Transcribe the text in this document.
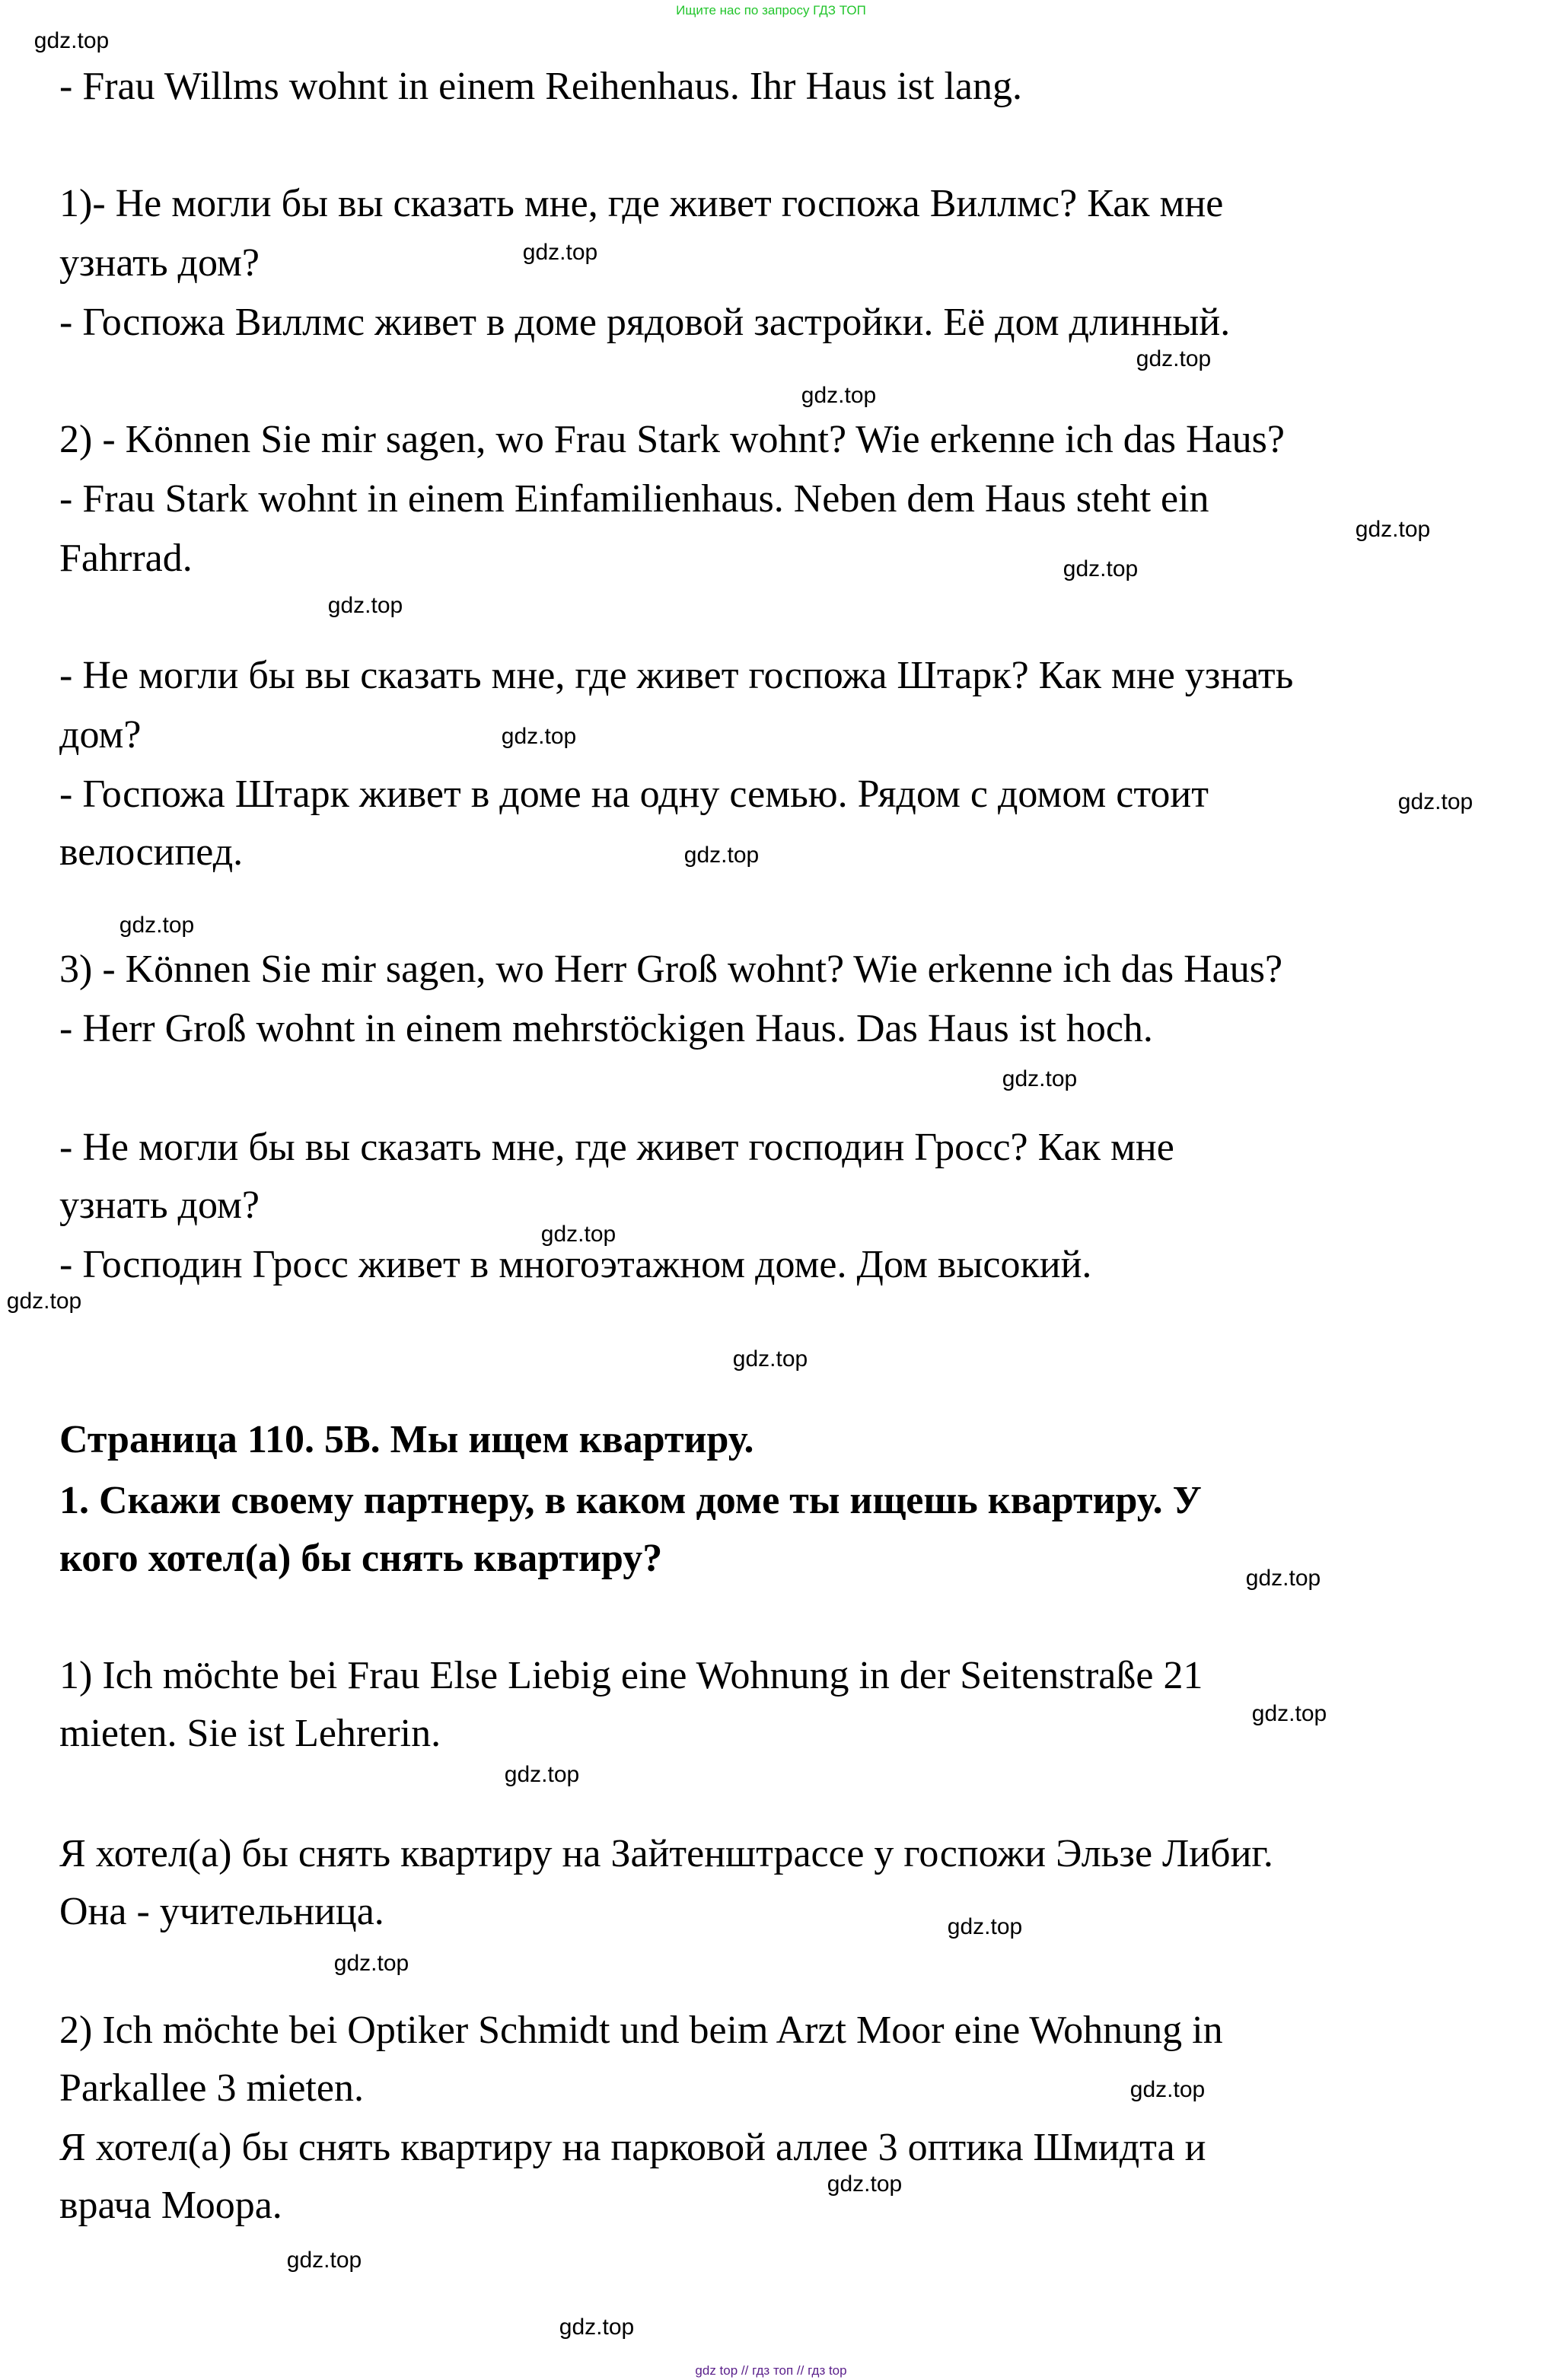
Ищите нас по запросу ГДЗ ТОП
- Frau Willms wohnt in einem Reihenhaus. Ihr Haus ist lang.
1)- Не могли бы вы сказать мне, где живет госпожа Виллмс? Как мне
узнать дом?
- Госпожа Виллмс живет в доме рядовой застройки. Её дом длинный.
2) - Können Sie mir sagen, wo Frau Stark wohnt? Wie erkenne ich das Haus?
- Frau Stark wohnt in einem Einfamilienhaus. Neben dem Haus steht ein
Fahrrad.
- Не могли бы вы сказать мне, где живет госпожа Штарк? Как мне узнать
дом?
- Госпожа Штарк живет в доме на одну семью. Рядом с домом стоит
велосипед.
3) - Können Sie mir sagen, wo Herr Groß wohnt? Wie erkenne ich das Haus?
- Herr Groß wohnt in einem mehrstöckigen Haus. Das Haus ist hoch.
- Не могли бы вы сказать мне, где живет господин Гросс? Как мне
узнать дом?
- Господин Гросс живет в многоэтажном доме. Дом высокий.
Страница 110. 5B. Мы ищем квартиру.
1. Скажи своему партнеру, в каком доме ты ищешь квартиру. У
кого хотел(а) бы снять квартиру?
1) Ich möchte bei Frau Else Liebig eine Wohnung in der Seitenstraße 21
mieten. Sie ist Lehrerin.
Я хотел(а) бы снять квартиру на Зайтенштрассе у госпожи Эльзе Либиг.
Она - учительница.
2) Ich möchte bei Optiker Schmidt und beim Arzt Moor eine Wohnung in
Parkallee 3 mieten.
Я хотел(а) бы снять квартиру на парковой аллее 3 оптика Шмидта и
врача Моора.
gdz.top
gdz.top
gdz.top
gdz.top
gdz.top
gdz.top
gdz.top
gdz.top
gdz.top
gdz.top
gdz.top
gdz.top
gdz.top
gdz.top
gdz.top
gdz.top
gdz.top
gdz.top
gdz.top
gdz.top
gdz.top
gdz.top
gdz.top
gdz.top
gdz top // гдз топ // гдз top
